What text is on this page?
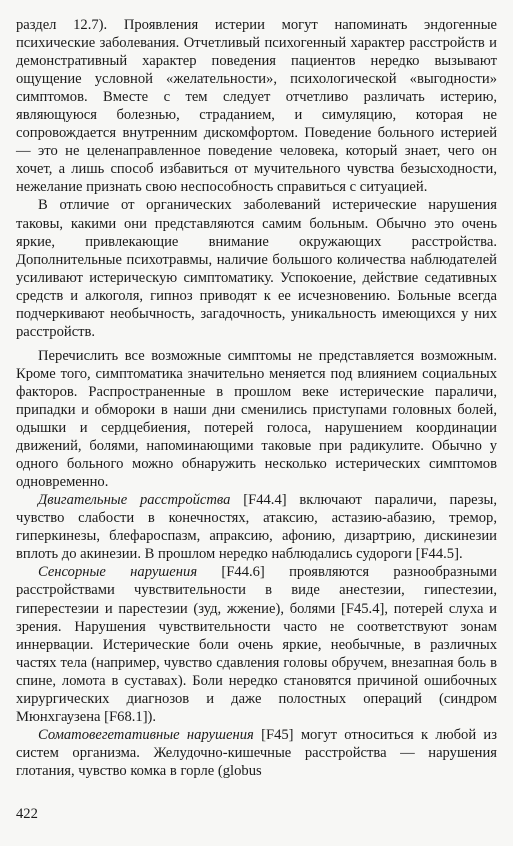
раздел 12.7). Проявления истерии могут напоминать эндогенные психические заболевания. Отчетливый психогенный характер расстройств и демонстративный характер поведения пациентов нередко вызывают ощущение условной «желательности», психологической «выгодности» симптомов. Вместе с тем следует отчетливо различать истерию, являющуюся болезнью, страданием, и симуляцию, которая не сопровождается внутренним дискомфортом. Поведение больного истерией — это не целенаправленное поведение человека, который знает, чего он хочет, а лишь способ избавиться от мучительного чувства безысходности, нежелание признать свою неспособность справиться с ситуацией.

В отличие от органических заболеваний истерические нарушения таковы, какими они представляются самим больным. Обычно это очень яркие, привлекающие внимание окружающих расстройства. Дополнительные психотравмы, наличие большого количества наблюдателей усиливают истерическую симптоматику. Успокоение, действие седативных средств и алкоголя, гипноз приводят к ее исчезновению. Больные всегда подчеркивают необычность, загадочность, уникальность имеющихся у них расстройств.

Перечислить все возможные симптомы не представляется возможным. Кроме того, симптоматика значительно меняется под влиянием социальных факторов. Распространенные в прошлом веке истерические параличи, припадки и обмороки в наши дни сменились приступами головных болей, одышки и сердцебиения, потерей голоса, нарушением координации движений, болями, напоминающими таковые при радикулите. Обычно у одного больного можно обнаружить несколько истерических симптомов одновременно.

Двигательные расстройства [F44.4] включают параличи, парезы, чувство слабости в конечностях, атаксию, астазию-абазию, тремор, гиперкинезы, блефароспазм, апраксию, афонию, дизартрию, дискинезии вплоть до акинезии. В прошлом нередко наблюдались судороги [F44.5].

Сенсорные нарушения [F44.6] проявляются разнообразными расстройствами чувствительности в виде анестезии, гипестезии, гиперестезии и парестезии (зуд, жжение), болями [F45.4], потерей слуха и зрения. Нарушения чувствительности часто не соответствуют зонам иннервации. Истерические боли очень яркие, необычные, в различных частях тела (например, чувство сдавления головы обручем, внезапная боль в спине, ломота в суставах). Боли нередко становятся причиной ошибочных хирургических диагнозов и даже полостных операций (синдром Мюнхгаузена [F68.1]).

Соматовегетативные нарушения [F45] могут относиться к любой из систем организма. Желудочно-кишечные расстройства — нарушения глотания, чувство комка в горле (globus

422
